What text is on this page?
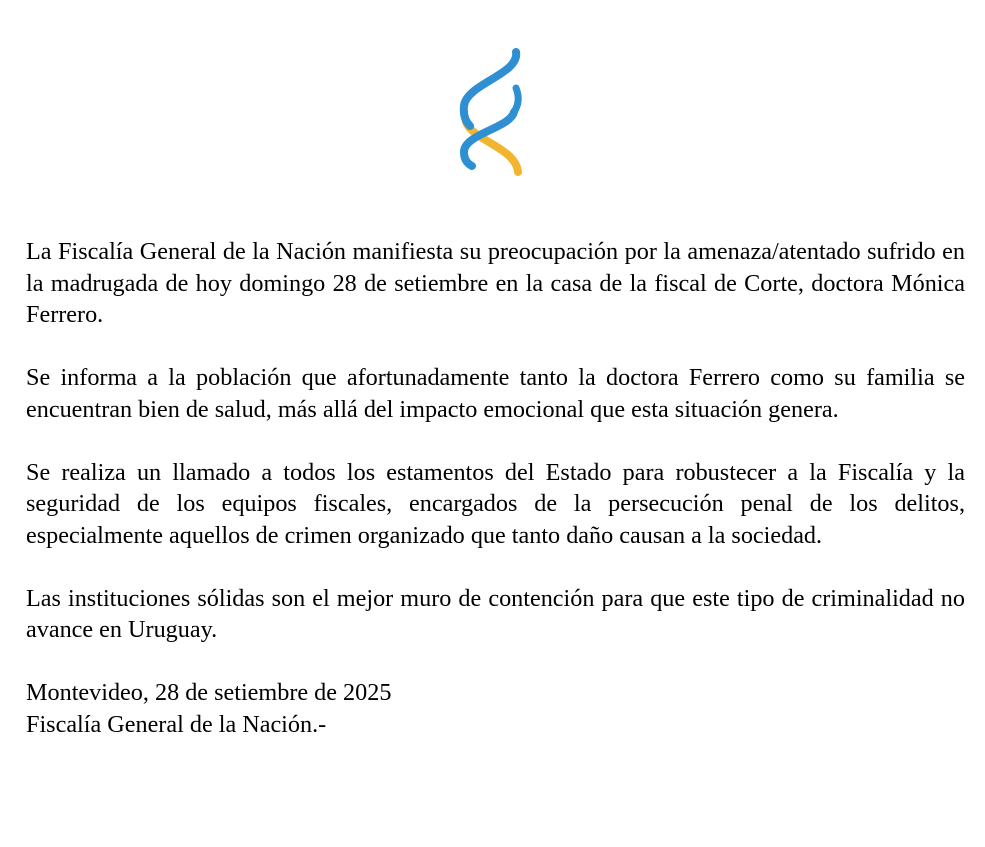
La Fiscalía General de la Nación manifiesta su preocupación por la amenaza/atentado sufrido en la madrugada de hoy domingo 28 de setiembre en la casa de la fiscal de Corte, doctora Mónica Ferrero.

Se informa a la población que afortunadamente tanto la doctora Ferrero como su familia se encuentran bien de salud, más allá del impacto emocional que esta situación genera.

Se realiza un llamado a todos los estamentos del Estado para robustecer a la Fiscalía y la seguridad de los equipos fiscales, encargados de la persecución penal de los delitos, especialmente aquellos de crimen organizado que tanto daño causan a la sociedad.

Las instituciones sólidas son el mejor muro de contención para que este tipo de criminalidad no avance en Uruguay.

Montevideo, 28 de setiembre de 2025
Fiscalía General de la Nación.-
